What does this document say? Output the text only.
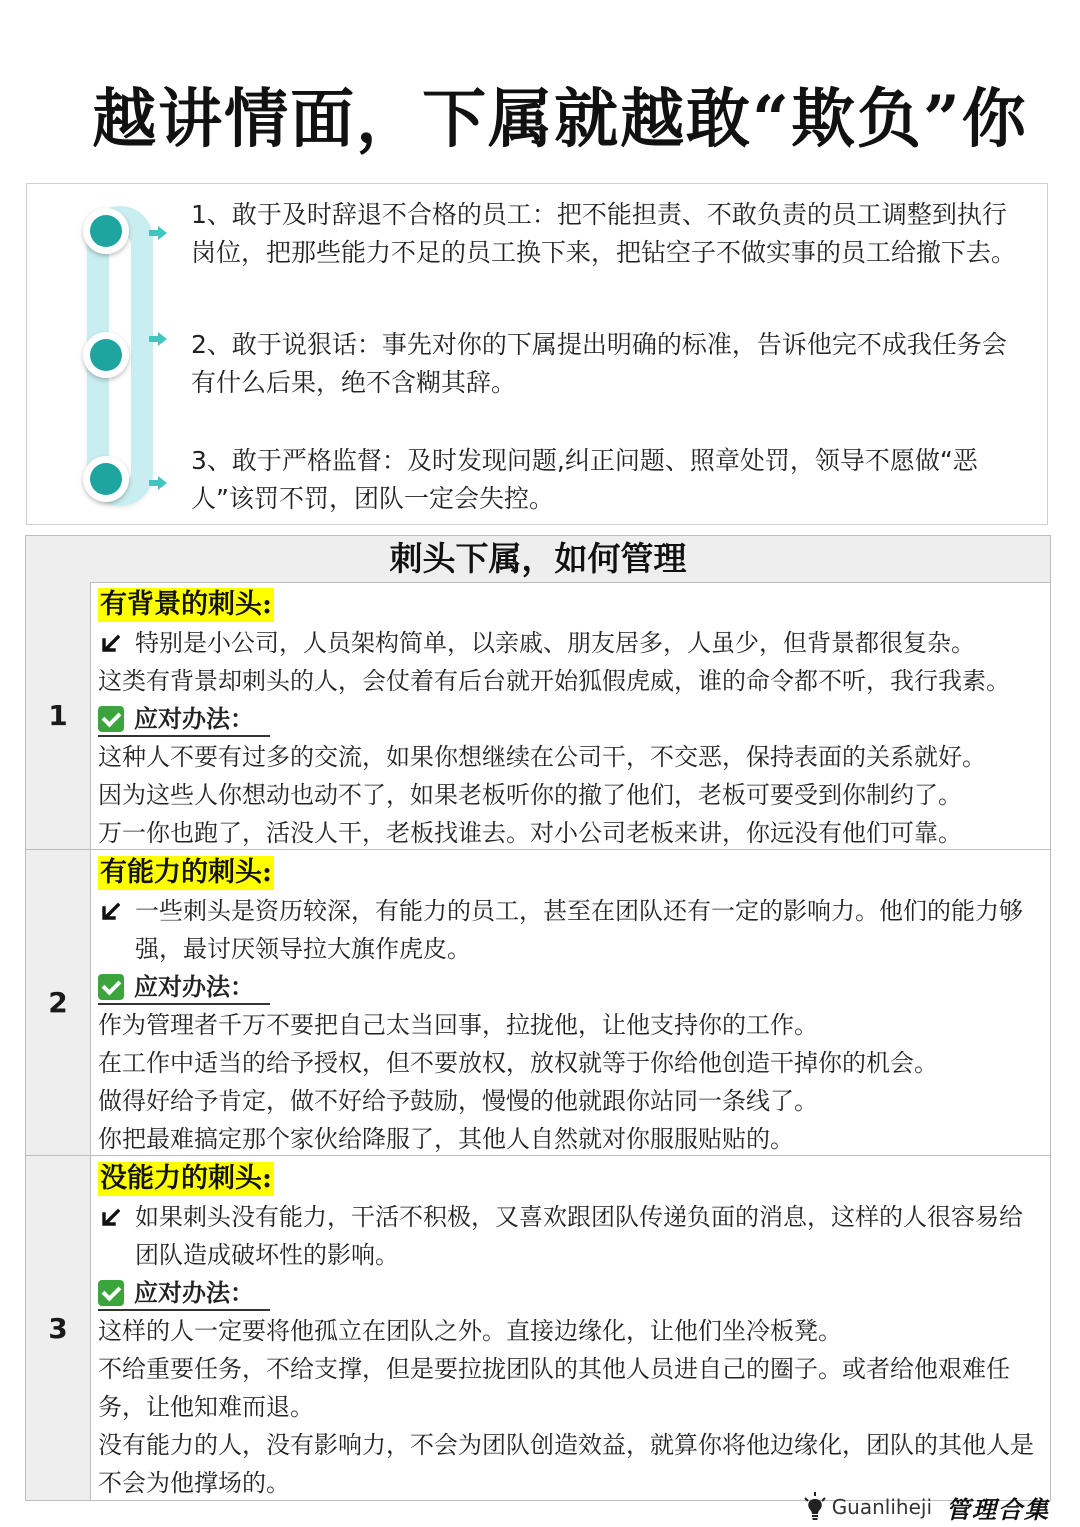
越讲情面，下属就越敢“欺负”你
1、敢于及时辞退不合格的员工：把不能担责、不敢负责的员工调整到执行岗位，把那些能力不足的员工换下来，把钻空子不做实事的员工给撤下去。
2、敢于说狠话：事先对你的下属提出明确的标准，告诉他完不成我任务会有什么后果，绝不含糊其辞。
3、敢于严格监督：及时发现问题,纠正问题、照章处罚，领导不愿做“恶人”该罚不罚，团队一定会失控。
刺头下属，如何管理
1
有背景的刺头:
特别是小公司，人员架构简单，以亲戚、朋友居多，人虽少，但背景都很复杂。
这类有背景却刺头的人，会仗着有后台就开始狐假虎威，谁的命令都不听，我行我素。
应对办法：
这种人不要有过多的交流，如果你想继续在公司干，不交恶，保持表面的关系就好。
因为这些人你想动也动不了，如果老板听你的撤了他们，老板可要受到你制约了。
万一你也跑了，活没人干，老板找谁去。对小公司老板来讲，你远没有他们可靠。
2
有能力的刺头:
一些刺头是资历较深，有能力的员工，甚至在团队还有一定的影响力。他们的能力够强，最讨厌领导拉大旗作虎皮。
应对办法：
作为管理者千万不要把自己太当回事，拉拢他，让他支持你的工作。
在工作中适当的给予授权，但不要放权，放权就等于你给他创造干掉你的机会。
做得好给予肯定，做不好给予鼓励，慢慢的他就跟你站同一条线了。
你把最难搞定那个家伙给降服了，其他人自然就对你服服贴贴的。
3
没能力的刺头:
如果刺头没有能力，干活不积极，又喜欢跟团队传递负面的消息，这样的人很容易给团队造成破坏性的影响。
应对办法：
这样的人一定要将他孤立在团队之外。直接边缘化，让他们坐冷板凳。
不给重要任务，不给支撑，但是要拉拢团队的其他人员进自己的圈子。或者给他艰难任务，让他知难而退。
没有能力的人，没有影响力，不会为团队创造效益，就算你将他边缘化，团队的其他人是不会为他撑场的。
Guanliheji 管理合集
